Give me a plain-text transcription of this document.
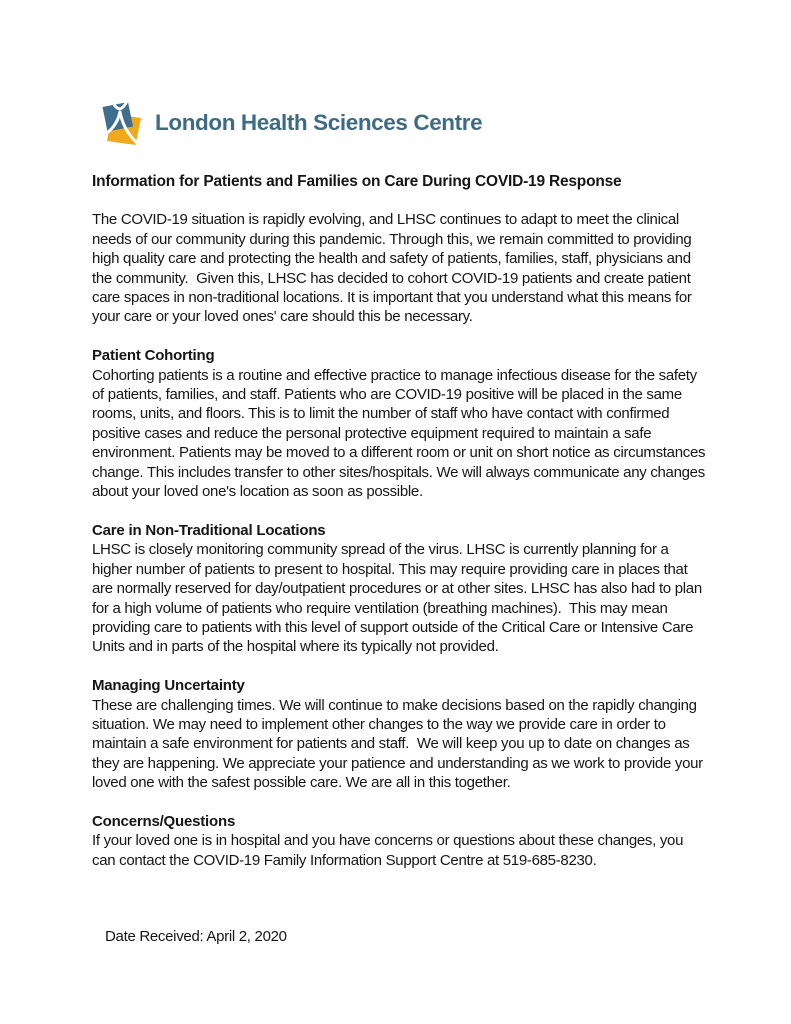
London Health Sciences Centre
Information for Patients and Families on Care During COVID-19 Response

The COVID-19 situation is rapidly evolving, and LHSC continues to adapt to meet the clinical needs of our community during this pandemic. Through this, we remain committed to providing high quality care and protecting the health and safety of patients, families, staff, physicians and the community.  Given this, LHSC has decided to cohort COVID-19 patients and create patient care spaces in non-traditional locations. It is important that you understand what this means for your care or your loved ones' care should this be necessary.

Patient Cohorting

Cohorting patients is a routine and effective practice to manage infectious disease for the safety of patients, families, and staff. Patients who are COVID-19 positive will be placed in the same rooms, units, and floors. This is to limit the number of staff who have contact with confirmed positive cases and reduce the personal protective equipment required to maintain a safe environment. Patients may be moved to a different room or unit on short notice as circumstances change. This includes transfer to other sites/hospitals. We will always communicate any changes about your loved one's location as soon as possible.

Care in Non-Traditional Locations

LHSC is closely monitoring community spread of the virus. LHSC is currently planning for a higher number of patients to present to hospital. This may require providing care in places that are normally reserved for day/outpatient procedures or at other sites. LHSC has also had to plan for a high volume of patients who require ventilation (breathing machines).  This may mean providing care to patients with this level of support outside of the Critical Care or Intensive Care Units and in parts of the hospital where its typically not provided.

Managing Uncertainty

These are challenging times. We will continue to make decisions based on the rapidly changing situation. We may need to implement other changes to the way we provide care in order to maintain a safe environment for patients and staff.  We will keep you up to date on changes as they are happening. We appreciate your patience and understanding as we work to provide your loved one with the safest possible care. We are all in this together.

Concerns/Questions

If your loved one is in hospital and you have concerns or questions about these changes, you can contact the COVID-19 Family Information Support Centre at 519-685-8230.

Date Received: April 2, 2020
